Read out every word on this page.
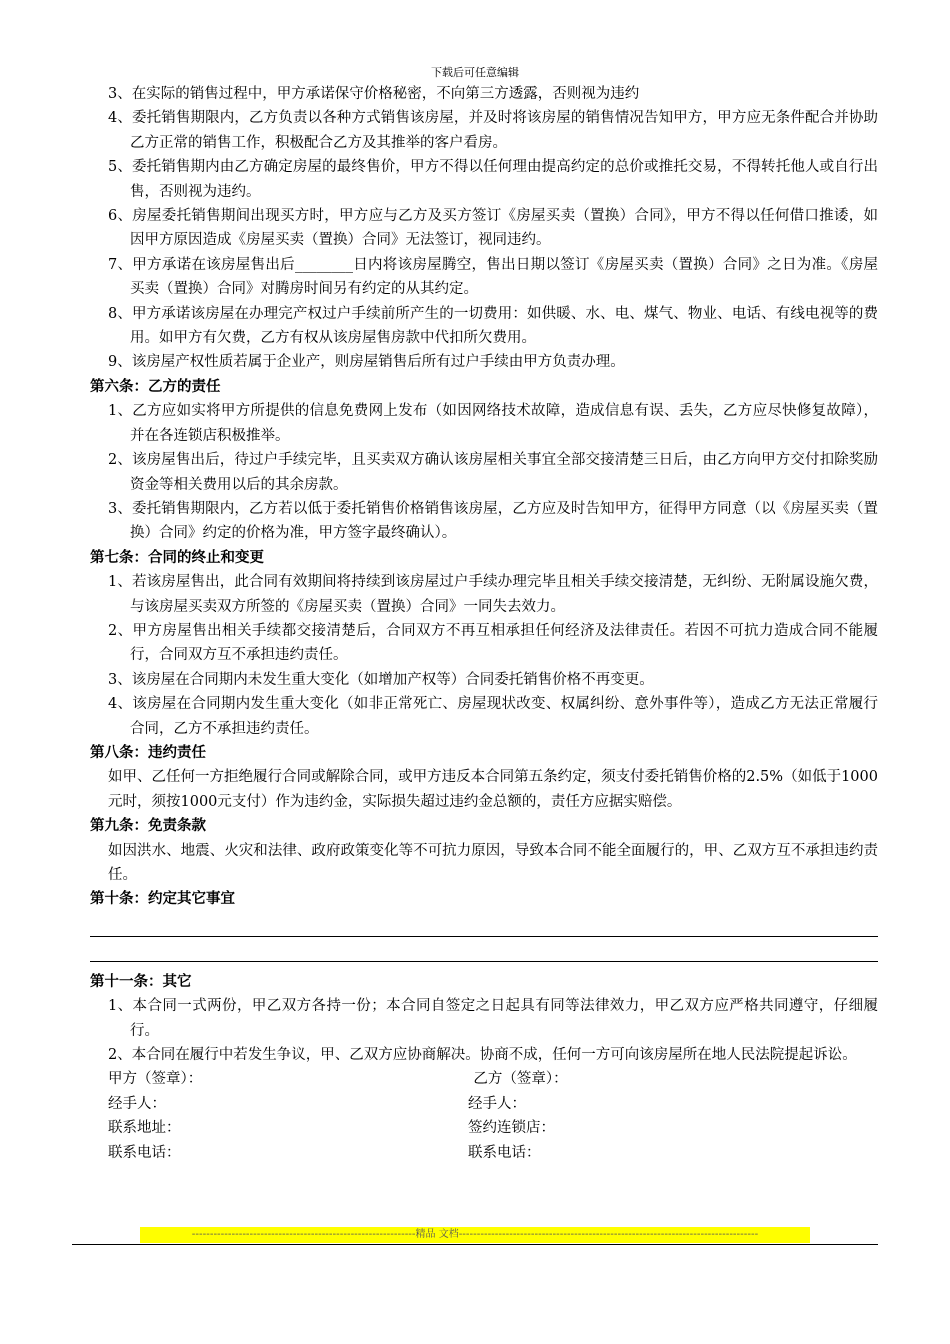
下载后可任意编辑

3、在实际的销售过程中，甲方承诺保守价格秘密，不向第三方透露，否则视为违约

4、委托销售期限内，乙方负责以各种方式销售该房屋，并及时将该房屋的销售情况告知甲方，甲方应无条件配合并协助乙方正常的销售工作，积极配合乙方及其推举的客户看房。

5、委托销售期内由乙方确定房屋的最终售价，甲方不得以任何理由提高约定的总价或推托交易，不得转托他人或自行出售，否则视为违约。

6、房屋委托销售期间出现买方时，甲方应与乙方及买方签订《房屋买卖（置换）合同》，甲方不得以任何借口推诿，如因甲方原因造成《房屋买卖（置换）合同》无法签订，视同违约。

7、甲方承诺在该房屋售出后________日内将该房屋腾空，售出日期以签订《房屋买卖（置换）合同》之日为准。《房屋买卖（置换）合同》对腾房时间另有约定的从其约定。

8、甲方承诺该房屋在办理完产权过户手续前所产生的一切费用：如供暖、水、电、煤气、物业、电话、有线电视等的费用。如甲方有欠费，乙方有权从该房屋售房款中代扣所欠费用。

9、该房屋产权性质若属于企业产，则房屋销售后所有过户手续由甲方负责办理。

第六条：乙方的责任

1、乙方应如实将甲方所提供的信息免费网上发布（如因网络技术故障，造成信息有误、丢失，乙方应尽快修复故障），并在各连锁店积极推举。

2、该房屋售出后，待过户手续完毕，且买卖双方确认该房屋相关事宜全部交接清楚三日后，由乙方向甲方交付扣除奖励资金等相关费用以后的其余房款。

3、委托销售期限内，乙方若以低于委托销售价格销售该房屋，乙方应及时告知甲方，征得甲方同意（以《房屋买卖（置换）合同》约定的价格为准，甲方签字最终确认）。

第七条：合同的终止和变更

1、若该房屋售出，此合同有效期间将持续到该房屋过户手续办理完毕且相关手续交接清楚，无纠纷、无附属设施欠费，与该房屋买卖双方所签的《房屋买卖（置换）合同》一同失去效力。

2、甲方房屋售出相关手续都交接清楚后，合同双方不再互相承担任何经济及法律责任。若因不可抗力造成合同不能履行，合同双方互不承担违约责任。

3、该房屋在合同期内未发生重大变化（如增加产权等）合同委托销售价格不再变更。

4、该房屋在合同期内发生重大变化（如非正常死亡、房屋现状改变、权属纠纷、意外事件等），造成乙方无法正常履行合同，乙方不承担违约责任。

第八条：违约责任

如甲、乙任何一方拒绝履行合同或解除合同，或甲方违反本合同第五条约定，须支付委托销售价格的2.5%（如低于1000元时，须按1000元支付）作为违约金，实际损失超过违约金总额的，责任方应据实赔偿。

第九条：免责条款

如因洪水、地震、火灾和法律、政府政策变化等不可抗力原因，导致本合同不能全面履行的，甲、乙双方互不承担违约责任。

第十条：约定其它事宜

第十一条：其它

1、本合同一式两份，甲乙双方各持一份；本合同自签定之日起具有同等法律效力，甲乙双方应严格共同遵守，仔细履行。

2、本合同在履行中若发生争议，甲、乙双方应协商解决。协商不成，任何一方可向该房屋所在地人民法院提起诉讼。

甲方（签章）：	乙方（签章）：
经手人：	经手人：
联系地址：	签约连锁店：
联系电话：	联系电话：
--------------------------------------------------------------精品 文档-----------------------------------------------------------------------------------
